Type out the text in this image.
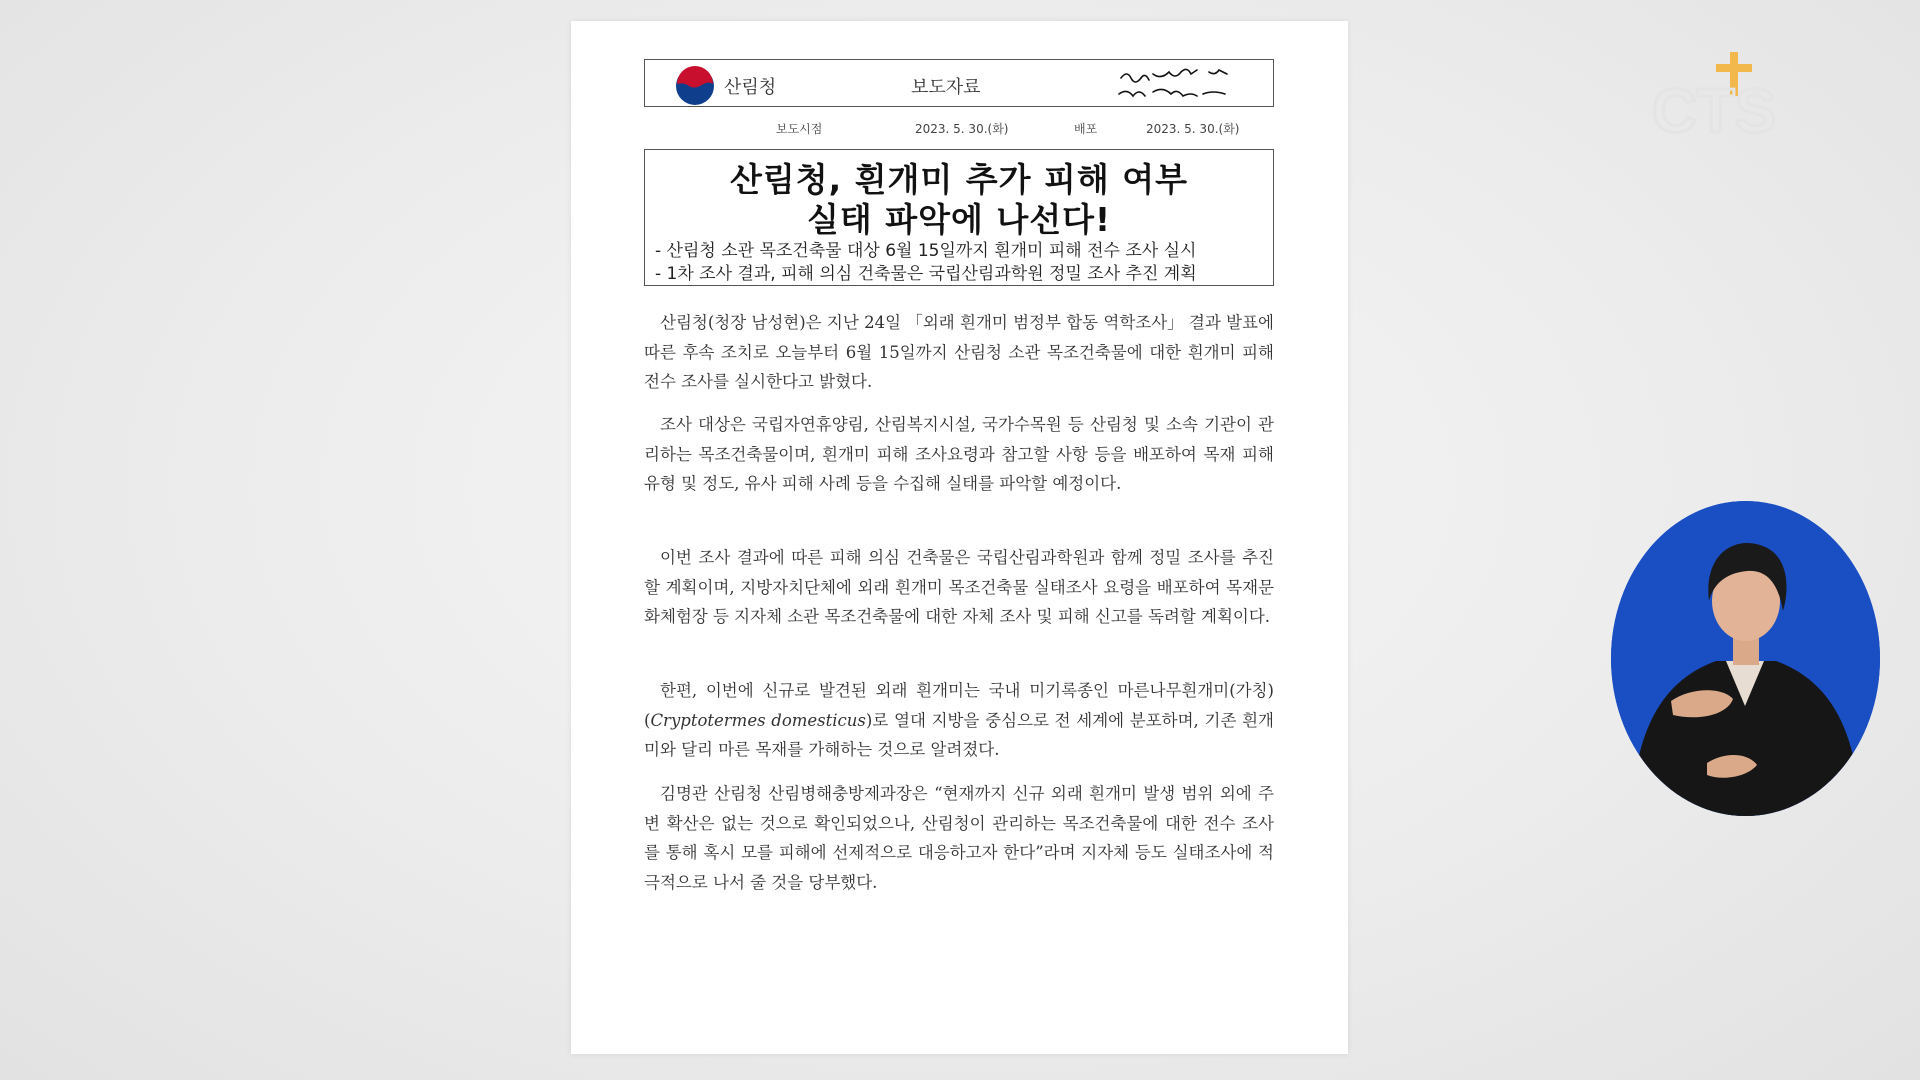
산림청	보도자료
보도시점	2023. 5. 30.(화)	배포	2023. 5. 30.(화)
산림청, 흰개미 추가 피해 여부
실태 파악에 나선다!
- 산림청 소관 목조건축물 대상 6월 15일까지 흰개미 피해 전수 조사 실시
- 1차 조사 결과, 피해 의심 건축물은 국립산림과학원 정밀 조사 추진 계획

산림청(청장 남성현)은 지난 24일 「외래 흰개미 범정부 합동 역학조사」 결과 발표에 따른 후속 조치로 오늘부터 6월 15일까지 산림청 소관 목조건축물에 대한 흰개미 피해 전수 조사를 실시한다고 밝혔다.

조사 대상은 국립자연휴양림, 산림복지시설, 국가수목원 등 산림청 및 소속 기관이 관리하는 목조건축물이며, 흰개미 피해 조사요령과 참고할 사항 등을 배포하여 목재 피해 유형 및 정도, 유사 피해 사례 등을 수집해 실태를 파악할 예정이다.

이번 조사 결과에 따른 피해 의심 건축물은 국립산림과학원과 함께 정밀 조사를 추진할 계획이며, 지방자치단체에 외래 흰개미 목조건축물 실태조사 요령을 배포하여 목재문화체험장 등 지자체 소관 목조건축물에 대한 자체 조사 및 피해 신고를 독려할 계획이다.

한편, 이번에 신규로 발견된 외래 흰개미는 국내 미기록종인 마른나무흰개미(가칭)(Cryptotermes domesticus)로 열대 지방을 중심으로 전 세계에 분포하며, 기존 흰개미와 달리 마른 목재를 가해하는 것으로 알려졌다.

김명관 산림청 산림병해충방제과장은 “현재까지 신규 외래 흰개미 발생 범위 외에 주변 확산은 없는 것으로 확인되었으나, 산림청이 관리하는 목조건축물에 대한 전수 조사를 통해 혹시 모를 피해에 선제적으로 대응하고자 한다”라며 지자체 등도 실태조사에 적극적으로 나서 줄 것을 당부했다.

CTS
